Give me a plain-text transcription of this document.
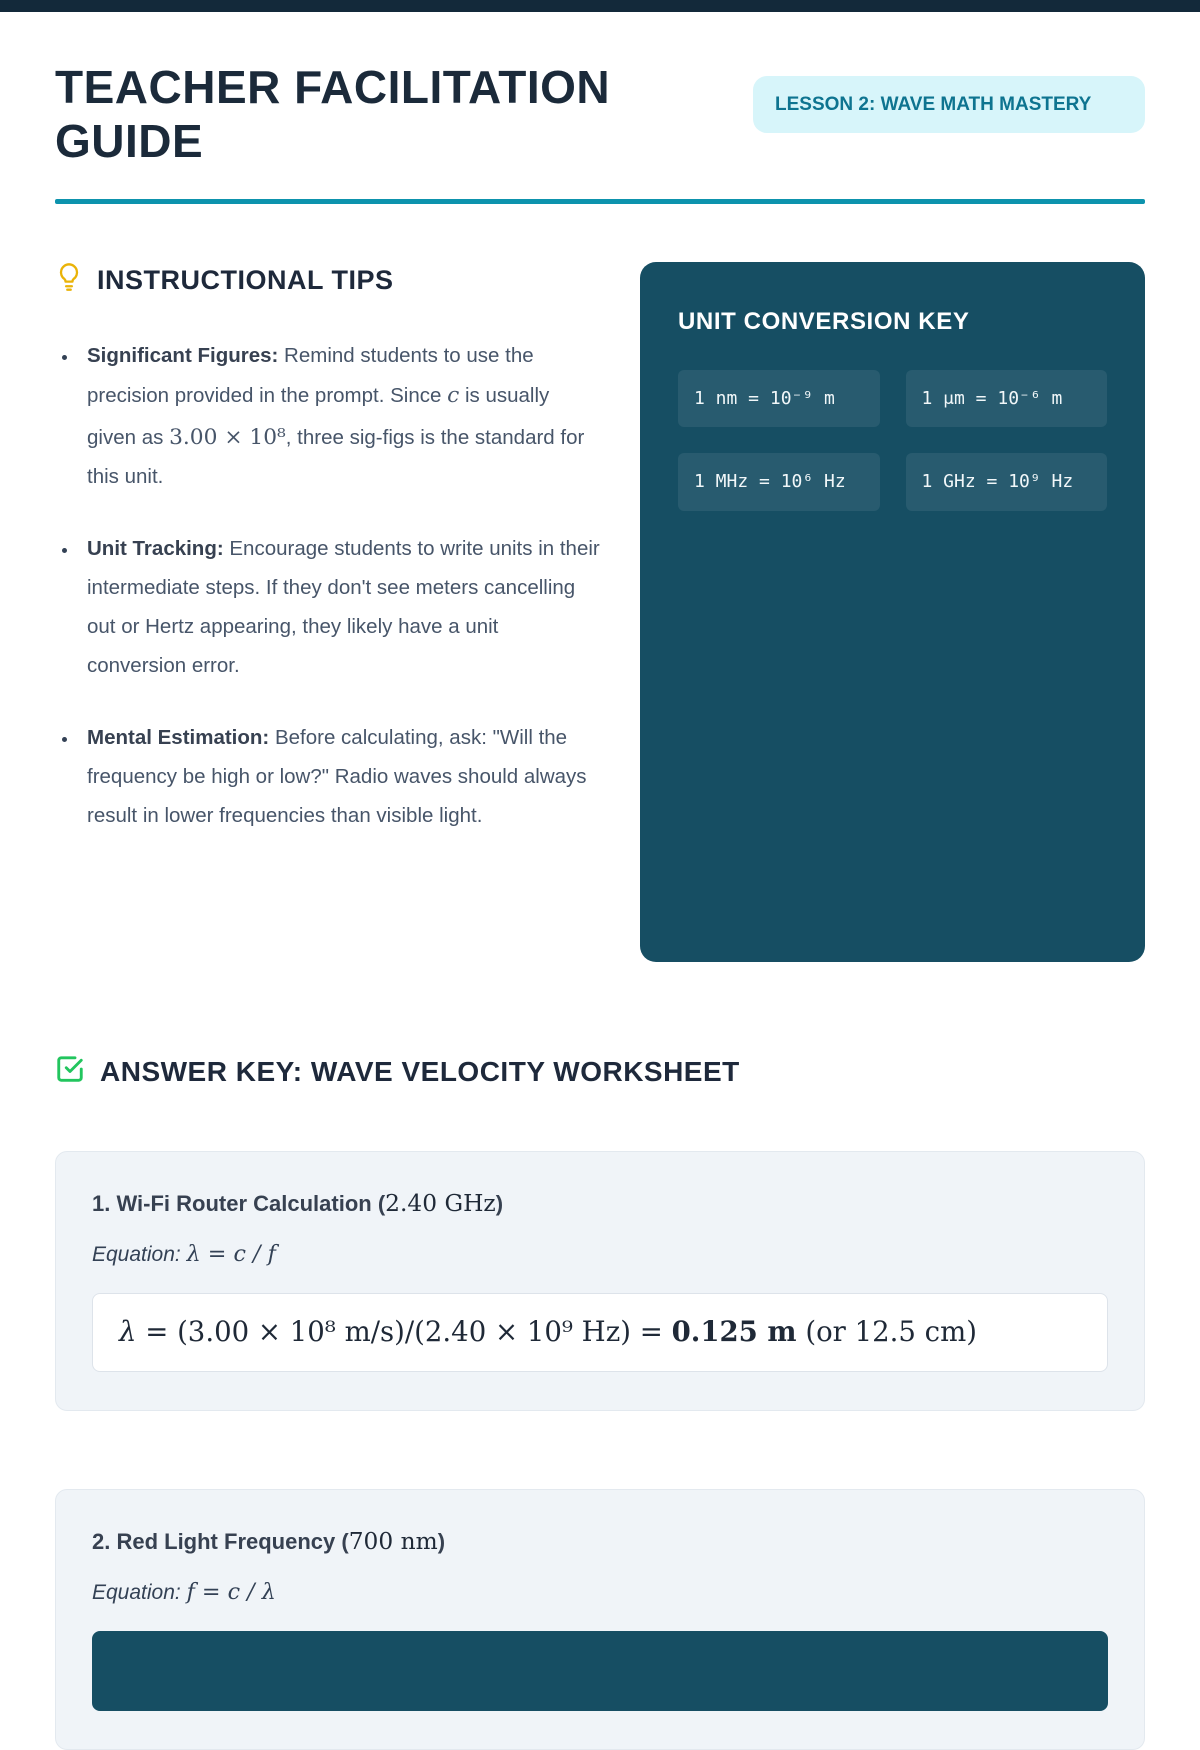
TEACHER FACILITATION
GUIDE
LESSON 2: WAVE MATH MASTERY
INSTRUCTIONAL TIPS
• Significant Figures: Remind students to use the precision provided in the prompt. Since c is usually given as 3.00 × 10⁸, three sig-figs is the standard for this unit.
• Unit Tracking: Encourage students to write units in their intermediate steps. If they don't see meters cancelling out or Hertz appearing, they likely have a unit conversion error.
• Mental Estimation: Before calculating, ask: "Will the frequency be high or low?" Radio waves should always result in lower frequencies than visible light.
UNIT CONVERSION KEY
1 nm = 10⁻⁹ m	1 μm = 10⁻⁶ m
1 MHz = 10⁶ Hz	1 GHz = 10⁹ Hz
ANSWER KEY: WAVE VELOCITY WORKSHEET
1. Wi-Fi Router Calculation (2.40 GHz)
Equation: λ = c / f
λ = (3.00 × 10⁸ m/s)/(2.40 × 10⁹ Hz) = 0.125 m (or 12.5 cm)
2. Red Light Frequency (700 nm)
Equation: f = c / λ
